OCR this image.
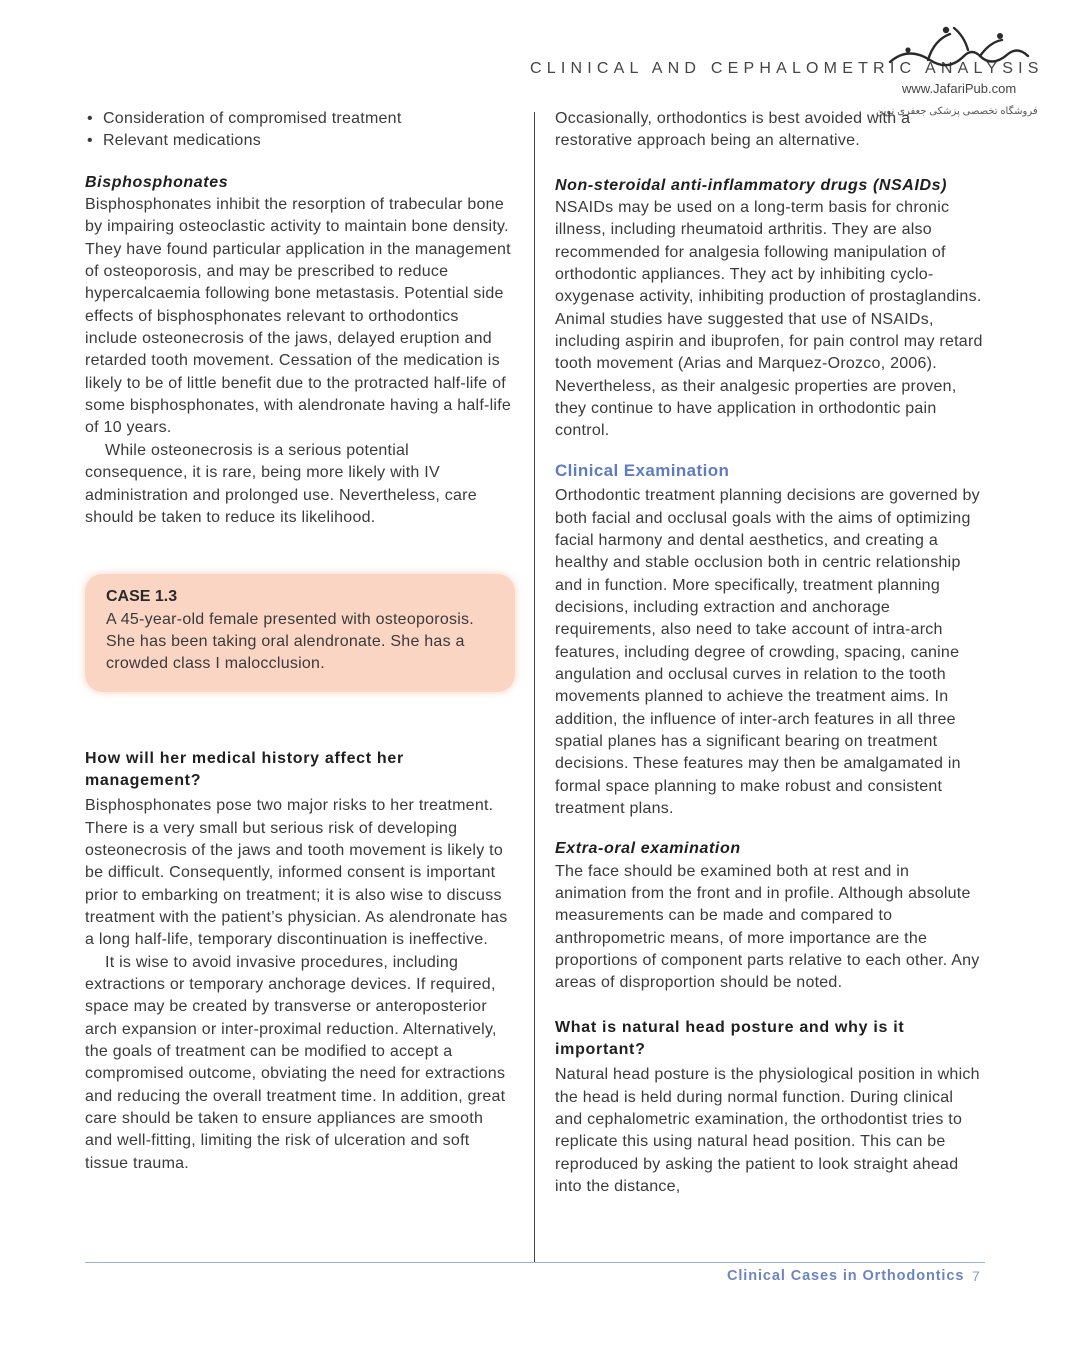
CLINICAL AND CEPHALOMETRIC ANALYSIS
www.JafariPub.com
فروشگاه تخصصی پزشکی جعفری نوین
• Consideration of compromised treatment
• Relevant medications

Bisphosphonates

Bisphosphonates inhibit the resorption of trabecular bone by impairing osteoclastic activity to maintain bone density. They have found particular application in the management of osteoporosis, and may be prescribed to reduce hypercalcaemia following bone metastasis. Potential side effects of bisphosphonates relevant to orthodontics include osteonecrosis of the jaws, delayed eruption and retarded tooth movement. Cessation of the medication is likely to be of little benefit due to the protracted half-life of some bisphosphonates, with alendronate having a half-life of 10 years.

While osteonecrosis is a serious potential consequence, it is rare, being more likely with IV administration and prolonged use. Nevertheless, care should be taken to reduce its likelihood.

CASE 1.3

A 45-year-old female presented with osteoporosis. She has been taking oral alendronate. She has a crowded class I malocclusion.

How will her medical history affect her management?

Bisphosphonates pose two major risks to her treatment. There is a very small but serious risk of developing osteonecrosis of the jaws and tooth movement is likely to be difficult. Consequently, informed consent is important prior to embarking on treatment; it is also wise to discuss treatment with the patient’s physician. As alendronate has a long half-life, temporary discontinuation is ineffective.

It is wise to avoid invasive procedures, including extractions or temporary anchorage devices. If required, space may be created by transverse or anteroposterior arch expansion or inter-proximal reduction. Alternatively, the goals of treatment can be modified to accept a compromised outcome, obviating the need for extractions and reducing the overall treatment time. In addition, great care should be taken to ensure appliances are smooth and well-fitting, limiting the risk of ulceration and soft tissue trauma.

Occasionally, orthodontics is best avoided with a restorative approach being an alternative.

Non-steroidal anti-inflammatory drugs (NSAIDs)

NSAIDs may be used on a long-term basis for chronic illness, including rheumatoid arthritis. They are also recommended for analgesia following manipulation of orthodontic appliances. They act by inhibiting cyclo-oxygenase activity, inhibiting production of prostaglandins. Animal studies have suggested that use of NSAIDs, including aspirin and ibuprofen, for pain control may retard tooth movement (Arias and Marquez-Orozco, 2006). Nevertheless, as their analgesic properties are proven, they continue to have application in orthodontic pain control.

Clinical Examination

Orthodontic treatment planning decisions are governed by both facial and occlusal goals with the aims of optimizing facial harmony and dental aesthetics, and creating a healthy and stable occlusion both in centric relationship and in function. More specifically, treatment planning decisions, including extraction and anchorage requirements, also need to take account of intra-arch features, including degree of crowding, spacing, canine angulation and occlusal curves in relation to the tooth movements planned to achieve the treatment aims. In addition, the influence of inter-arch features in all three spatial planes has a significant bearing on treatment decisions. These features may then be amalgamated in formal space planning to make robust and consistent treatment plans.

Extra-oral examination

The face should be examined both at rest and in animation from the front and in profile. Although absolute measurements can be made and compared to anthropometric means, of more importance are the proportions of component parts relative to each other. Any areas of disproportion should be noted.

What is natural head posture and why is it important?

Natural head posture is the physiological position in which the head is held during normal function. During clinical and cephalometric examination, the orthodontist tries to replicate this using natural head position. This can be reproduced by asking the patient to look straight ahead into the distance,

Clinical Cases in Orthodontics 7
